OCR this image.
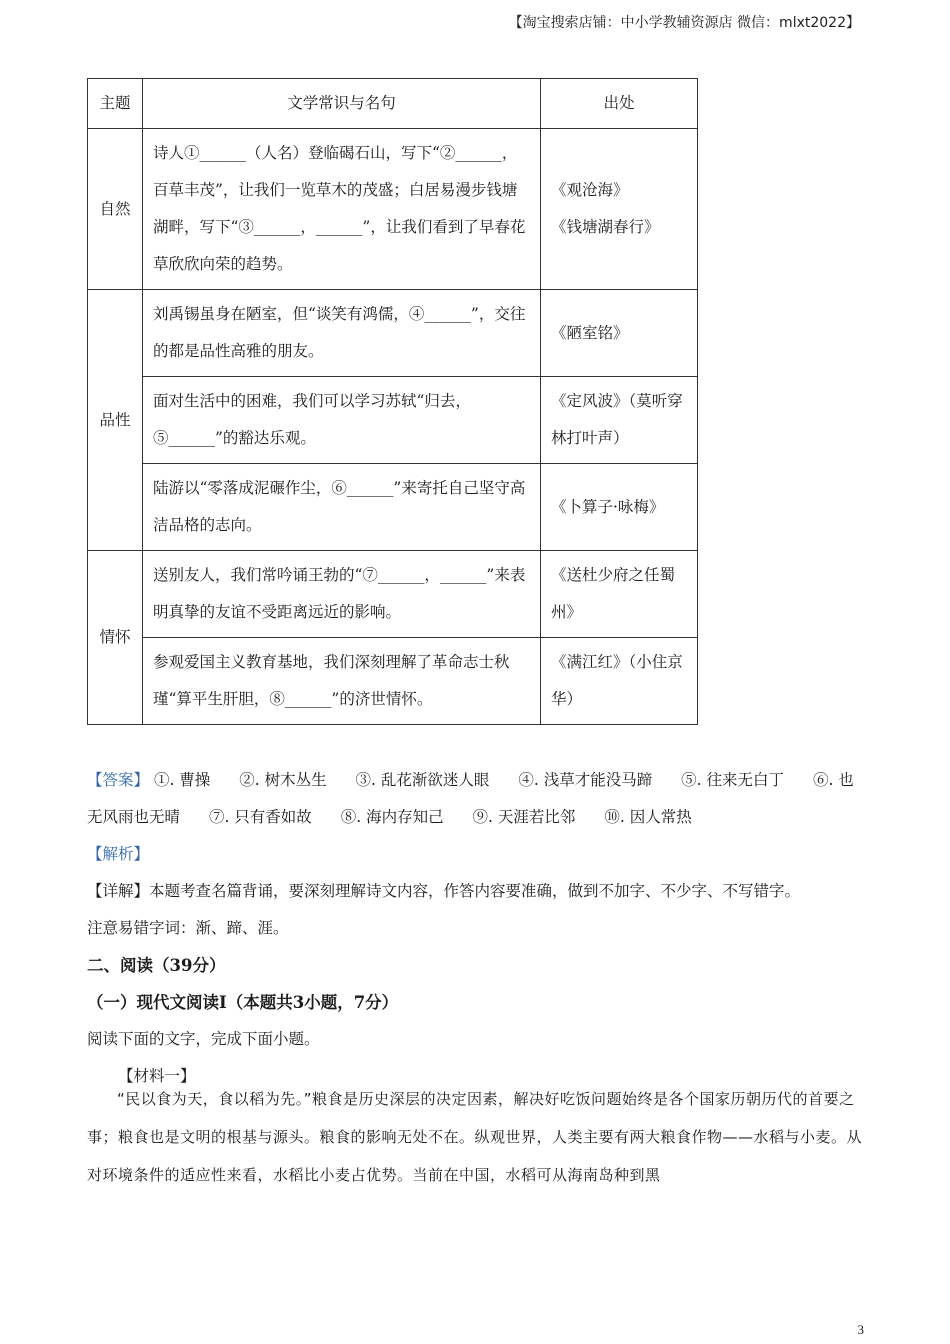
【淘宝搜索店铺：中小学教辅资源店 微信：mlxt2022】
主题	文学常识与名句	出处
自然	诗人①______（人名）登临碣石山，写下“②______，百草丰茂”，让我们一览草木的茂盛；白居易漫步钱塘湖畔，写下“③______，______”，让我们看到了早春花草欣欣向荣的趋势。	《观沧海》
《钱塘湖春行》
品性	刘禹锡虽身在陋室，但“谈笑有鸿儒，④______”，交往的都是品性高雅的朋友。	《陋室铭》
	面对生活中的困难，我们可以学习苏轼“归去，⑤______”的豁达乐观。	《定风波》（莫听穿林打叶声）
	陆游以“零落成泥碾作尘，⑥______”来寄托自己坚守高洁品格的志向。	《卜算子·咏梅》
情怀	送别友人，我们常吟诵王勃的“⑦______，______”来表明真挚的友谊不受距离远近的影响。	《送杜少府之任蜀州》
	参观爱国主义教育基地，我们深刻理解了革命志士秋瑾“算平生肝胆，⑧______”的济世情怀。	《满江红》（小住京华）
【答案】 ①. 曹操 ②. 树木丛生 ③. 乱花渐欲迷人眼 ④. 浅草才能没马蹄 ⑤. 往来无白丁 ⑥. 也无风雨也无晴 ⑦. 只有香如故 ⑧. 海内存知己 ⑨. 天涯若比邻 ⑩. 因人常热
【解析】
【详解】本题考查名篇背诵，要深刻理解诗文内容，作答内容要准确，做到不加字、不少字、不写错字。
注意易错字词：渐、蹄、涯。
二、阅读（39分）
（一）现代文阅读Ⅰ（本题共3小题，7分）
阅读下面的文字，完成下面小题。
【材料一】
“民以食为天，食以稻为先。”粮食是历史深层的决定因素，解决好吃饭问题始终是各个国家历朝历代的首要之事；粮食也是文明的根基与源头。粮食的影响无处不在。纵观世界，人类主要有两大粮食作物——水稻与小麦。从对环境条件的适应性来看，水稻比小麦占优势。当前在中国，水稻可从海南岛种到黑
3
